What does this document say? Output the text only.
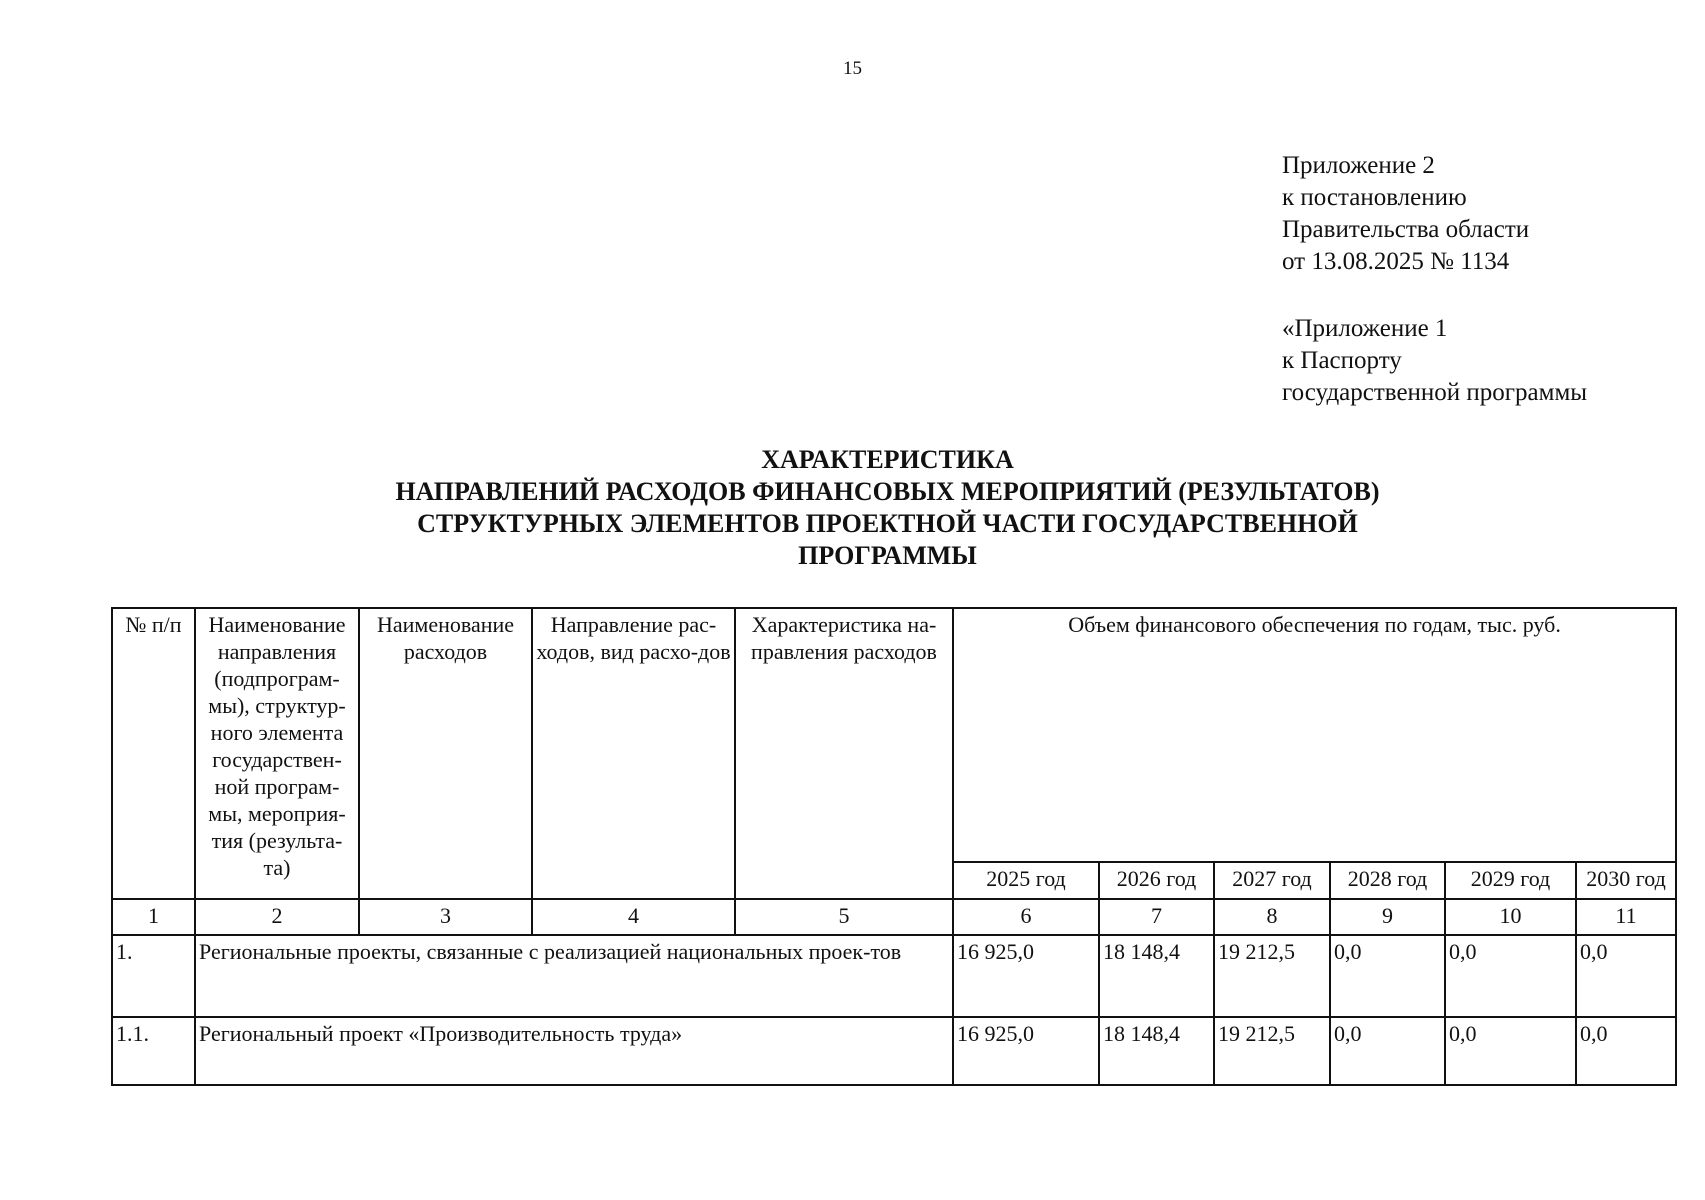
15
Приложение 2
к постановлению
Правительства области
от 13.08.2025 № 1134
«Приложение 1
к Паспорту
государственной программы
ХАРАКТЕРИСТИКА
НАПРАВЛЕНИЙ РАСХОДОВ ФИНАНСОВЫХ МЕРОПРИЯТИЙ (РЕЗУЛЬТАТОВ)
СТРУКТУРНЫХ ЭЛЕМЕНТОВ ПРОЕКТНОЙ ЧАСТИ ГОСУДАРСТВЕННОЙ
ПРОГРАММЫ
№ п/п	Наименование направления (подпрограм-мы), структур-ного элемента государствен-ной програм-мы, мероприя-тия (результа-та)	Наименование расходов	Направление рас-ходов, вид расхо-дов	Характеристика на-правления расходов	Объем финансового обеспечения по годам, тыс. руб.					
					2025 год	2026 год	2027 год	2028 год	2029 год	2030 год
1	2	3	4	5	6	7	8	9	10	11
1.	Региональные проекты, связанные с реализацией национальных проек-тов				16 925,0	18 148,4	19 212,5	0,0	0,0	0,0
1.1.	Региональный проект «Производительность труда»				16 925,0	18 148,4	19 212,5	0,0	0,0	0,0
